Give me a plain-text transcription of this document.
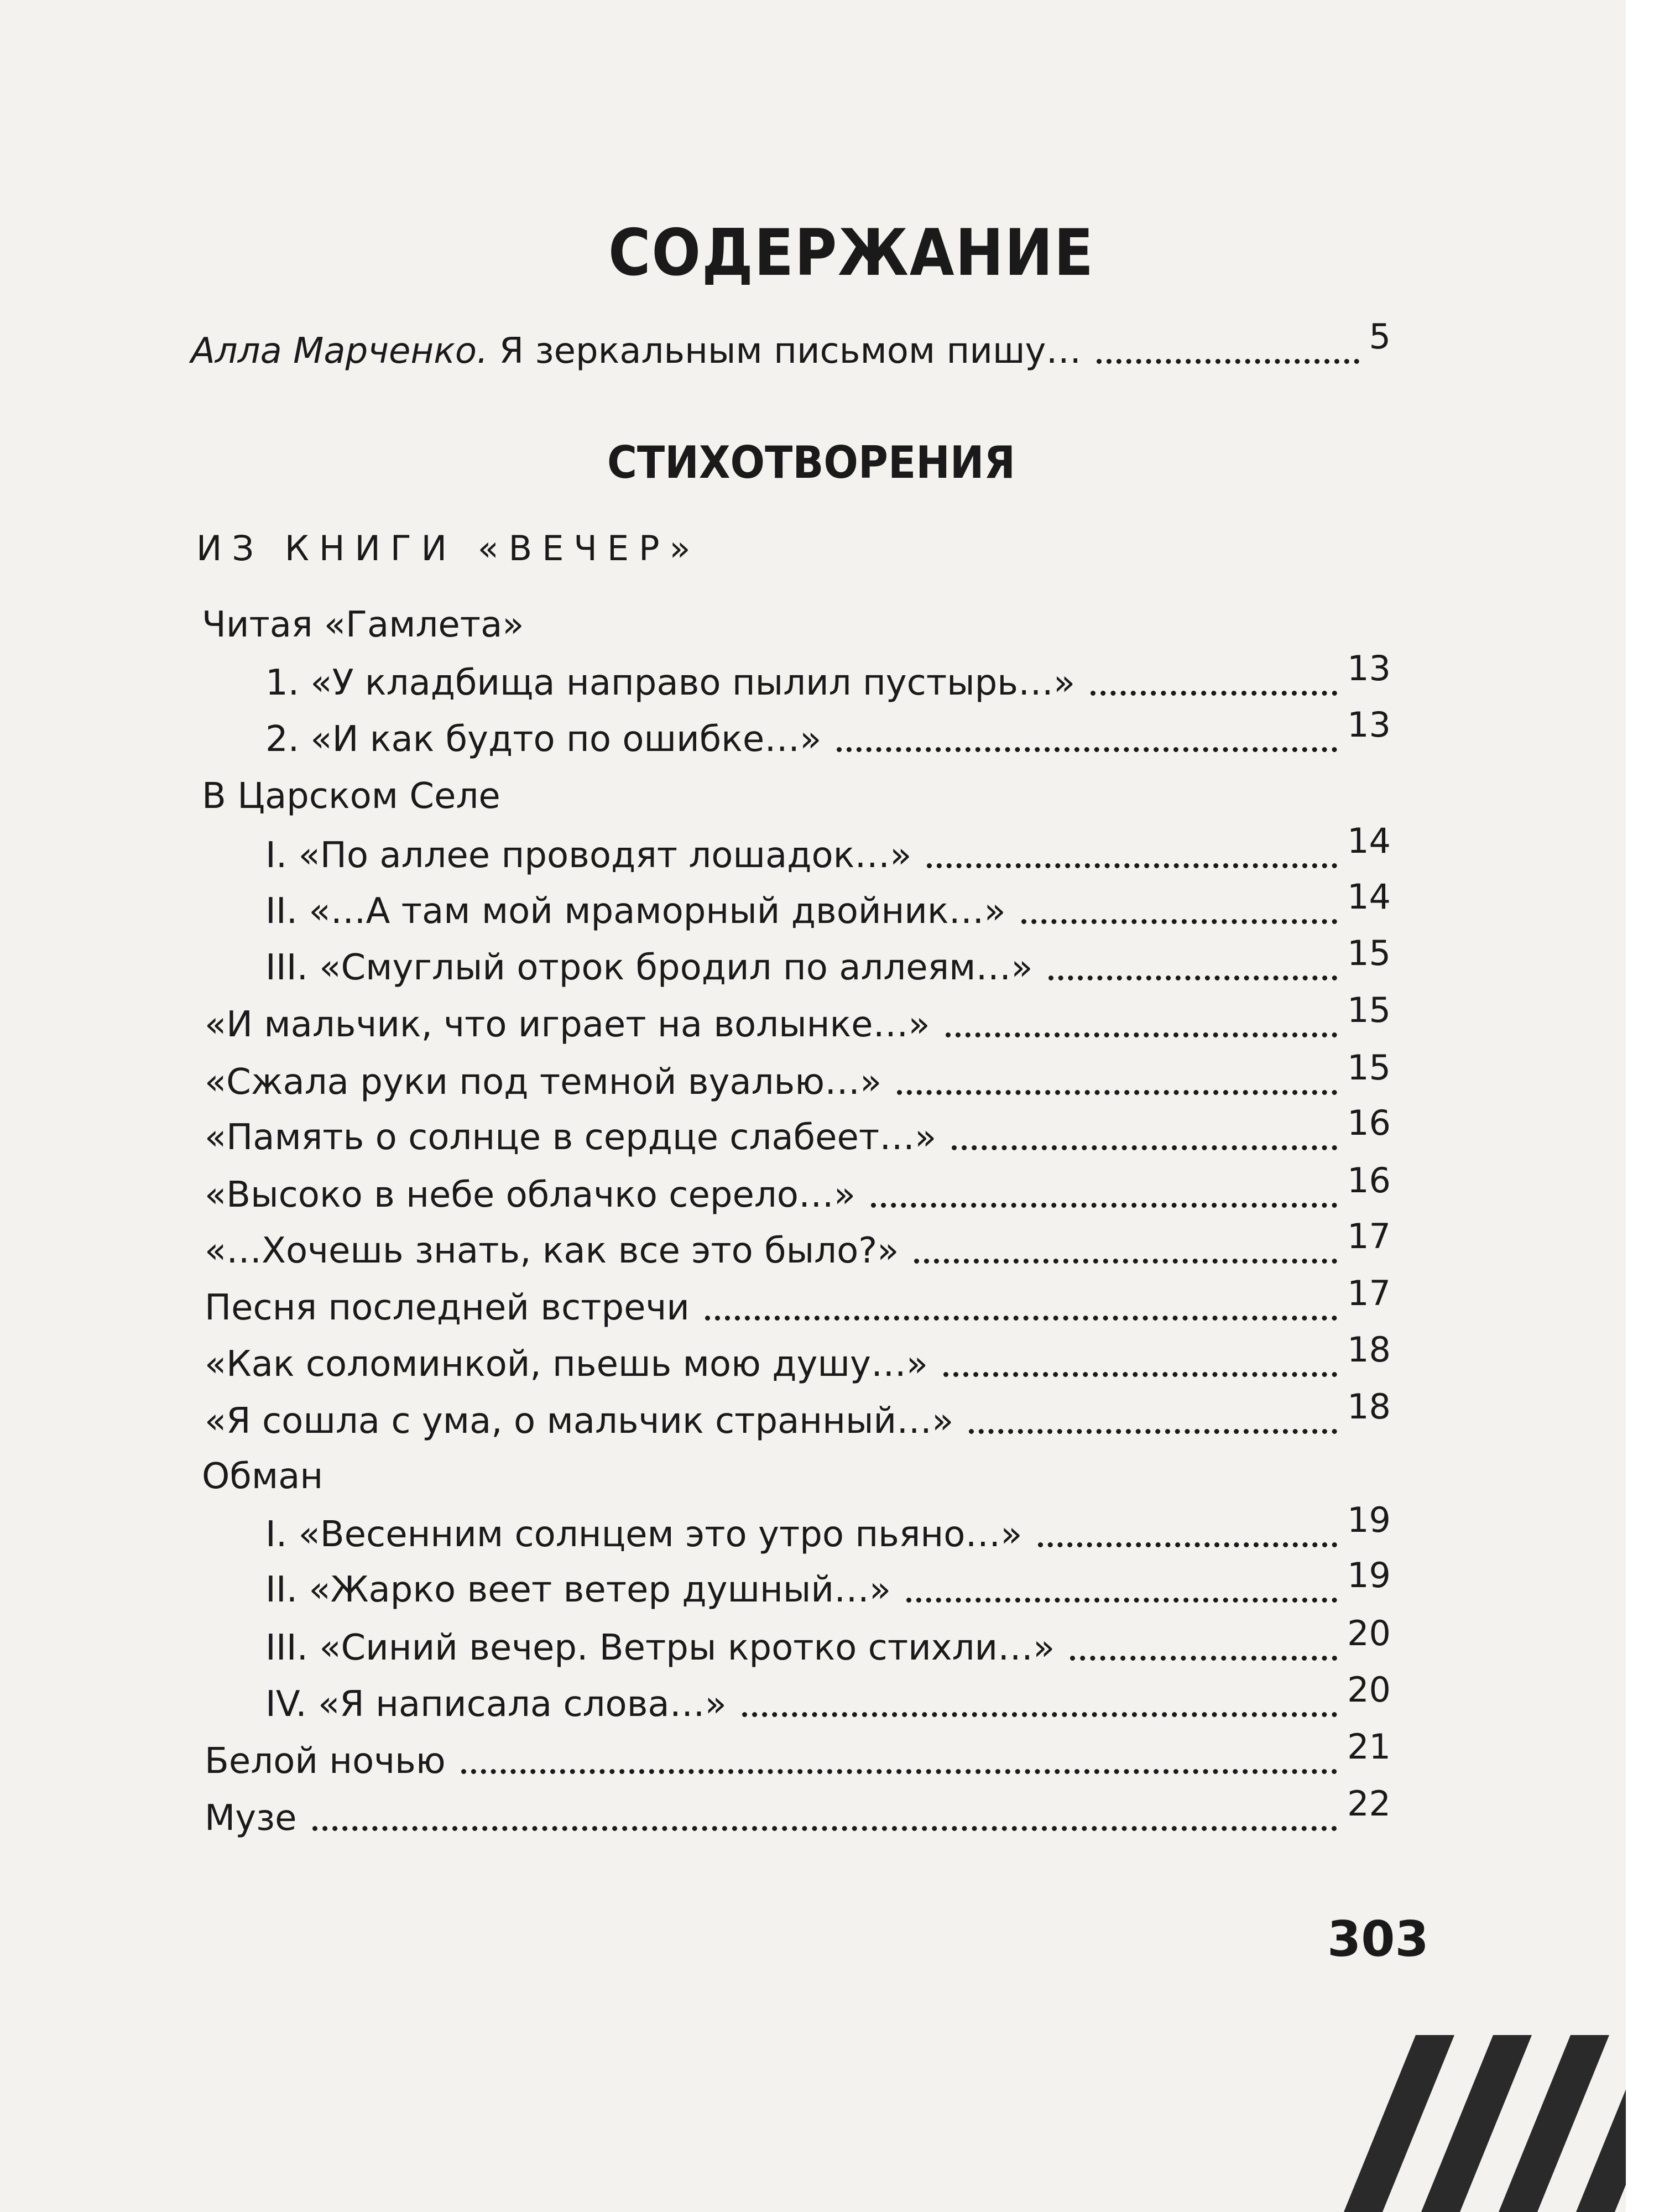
СОДЕРЖАНИЕ
Алла Марченко. Я зеркальным письмом пишу…	5
СТИХОТВОРЕНИЯ
ИЗ КНИГИ «ВЕЧЕР»
Читая «Гамлета»
1. «У кладбища направо пылил пустырь…»	13
2. «И как будто по ошибке…»	13
В Царском Селе
I. «По аллее проводят лошадок…»	14
II. «…А там мой мраморный двойник…»	14
III. «Смуглый отрок бродил по аллеям…»	15
«И мальчик, что играет на волынке…»	15
«Сжала руки под темной вуалью…»	15
«Память о солнце в сердце слабеет…»	16
«Высоко в небе облачко серело…»	16
«…Хочешь знать, как все это было?»	17
Песня последней встречи	17
«Как соломинкой, пьешь мою душу…»	18
«Я сошла с ума, о мальчик странный…»	18
Обман
I. «Весенним солнцем это утро пьяно…»	19
II. «Жарко веет ветер душный…»	19
III. «Синий вечер. Ветры кротко стихли…»	20
IV. «Я написала слова…»	20
Белой ночью	21
Музе	22
303
